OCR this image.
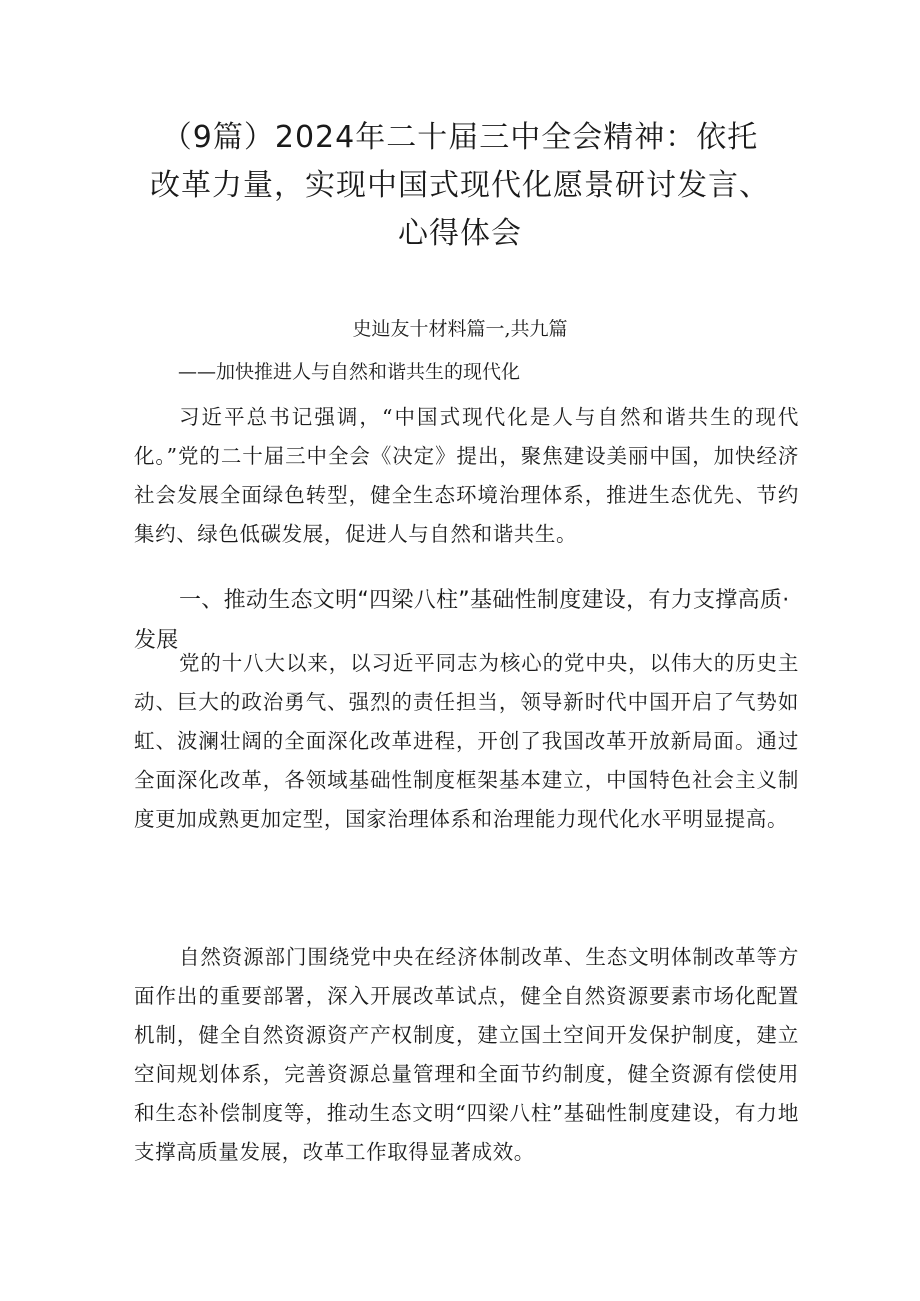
（9篇）2024年二十届三中全会精神：依托
改革力量，实现中国式现代化愿景研讨发言、
心得体会
史辿友十材料篇一,共九篇
——加快推进人与自然和谐共生的现代化

习近平总书记强调，“中国式现代化是人与自然和谐共生的现代化。”党的二十届三中全会《决定》提出，聚焦建设美丽中国，加快经济社会发展全面绿色转型，健全生态环境治理体系，推进生态优先、节约集约、绿色低碳发展，促进人与自然和谐共生。

一、推动生态文明“四梁八柱”基础性制度建设，有力支撑高质·发展

党的十八大以来，以习近平同志为核心的党中央，以伟大的历史主动、巨大的政治勇气、强烈的责任担当，领导新时代中国开启了气势如虹、波澜壮阔的全面深化改革进程，开创了我国改革开放新局面。通过全面深化改革，各领域基础性制度框架基本建立，中国特色社会主义制度更加成熟更加定型，国家治理体系和治理能力现代化水平明显提高。

自然资源部门围绕党中央在经济体制改革、生态文明体制改革等方面作出的重要部署，深入开展改革试点，健全自然资源要素市场化配置机制，健全自然资源资产产权制度，建立国土空间开发保护制度，建立空间规划体系，完善资源总量管理和全面节约制度，健全资源有偿使用和生态补偿制度等，推动生态文明“四梁八柱”基础性制度建设，有力地支撑高质量发展，改革工作取得显著成效。
